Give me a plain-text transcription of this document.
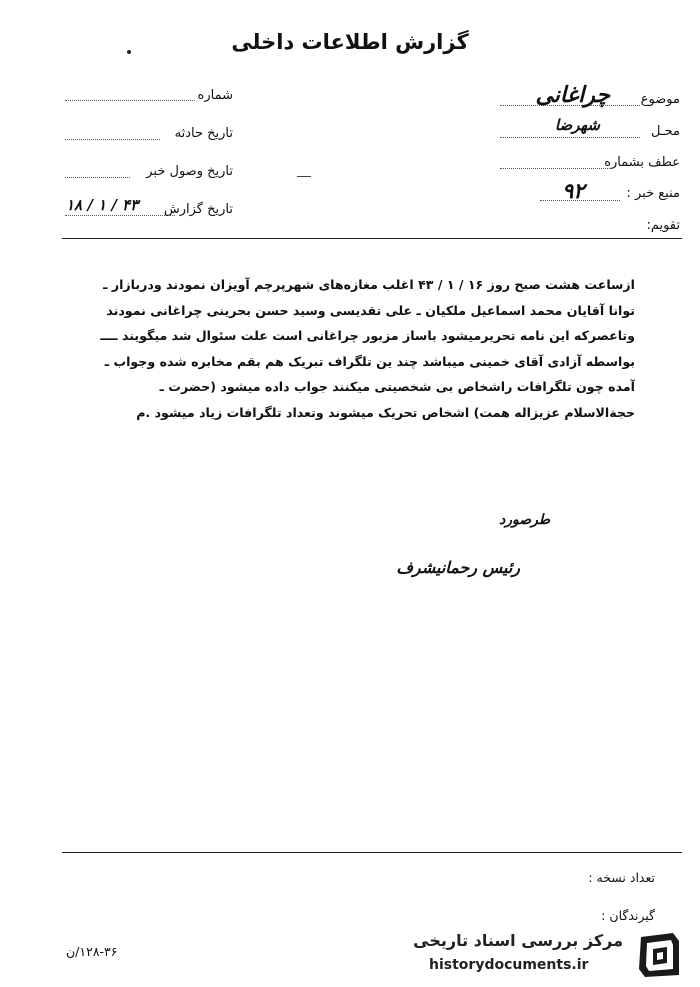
گزارش اطلاعات داخلی
موضوع
چراغانی
محـل
شهرضا
عطف بشماره
منبع خبر :
۹۲
تقویم:
شماره
تاریخ حادثه
تاریخ وصول خبر
تاریخ گزارش
۱۸ / ۱ / ۴۳
ازساعت هشت صبح روز ۱۶ / ۱ / ۴۳ اغلب مغازه‌های شهرپرچم آویزان نمودند ودربازار ـ
توانا آقایان محمد اسماعیل ملکیان ـ علی تقدیسی وسید حسن بحرینی چراغانی نمودند
وتاعصرکه این نامه تحریرمیشود باساز مزبور چراغانی است علت سئوال شد میگویند ــــ
بواسطه آزادی آقای خمینی میباشد چند ین تلگراف تبریک هم بقم مخابره شده وجواب ـ
آمده چون تلگرافات راشخاص بی شخصیتی میکنند جواب داده میشود (حضرت ـ
حجةالاسلام عزیزاله همت) اشخاص تحریک میشوند وتعداد تلگرافات زیاد میشود .م
طرصورد
رئیس رحمانیشرف
تعداد نسخه :
گیرندگان :
۱۲۸-۳۶/ن
مرکز بررسی اسناد تاریخی
historydocuments.ir
